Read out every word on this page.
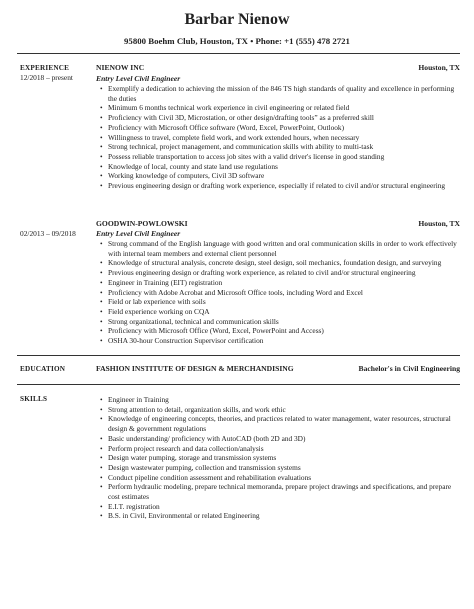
Barbar Nienow
95800 Boehm Club, Houston, TX • Phone: +1 (555) 478 2721
EXPERIENCE
12/2018 – present
NIENOW INC	Houston, TX
Entry Level Civil Engineer
• Exemplify a dedication to achieving the mission of the 846 TS high standards of quality and excellence in performing the duties
• Minimum 6 months technical work experience in civil engineering or related field
• Proficiency with Civil 3D, Microstation, or other design/drafting tools” as a preferred skill
• Proficiency with Microsoft Office software (Word, Excel, PowerPoint, Outlook)
• Willingness to travel, complete field work, and work extended hours, when necessary
• Strong technical, project management, and communication skills with ability to multi-task
• Possess reliable transportation to access job sites with a valid driver's license in good standing
• Knowledge of local, county and state land use regulations
• Working knowledge of computers, Civil 3D software
• Previous engineering design or drafting work experience, especially if related to civil and/or structural engineering
02/2013 – 09/2018
GOODWIN-POWLOWSKI	Houston, TX
Entry Level Civil Engineer
• Strong command of the English language with good written and oral communication skills in order to work effectively with internal team members and external client personnel
• Knowledge of structural analysis, concrete design, steel design, soil mechanics, foundation design, and surveying
• Previous engineering design or drafting work experience, as related to civil and/or structural engineering
• Engineer in Training (EIT) registration
• Proficiency with Adobe Acrobat and Microsoft Office tools, including Word and Excel
• Field or lab experience with soils
• Field experience working on CQA
• Strong organizational, technical and communication skills
• Proficiency with Microsoft Office (Word, Excel, PowerPoint and Access)
• OSHA 30-hour Construction Supervisor certification
EDUCATION	FASHION INSTITUTE OF DESIGN & MERCHANDISING	Bachelor's in Civil Engineering
SKILLS
•	Engineer in Training
• Strong attention to detail, organization skills, and work ethic
• Knowledge of engineering concepts, theories, and practices related to water management, water resources, structural design & government regulations
• Basic understanding/ proficiency with AutoCAD (both 2D and 3D)
• Perform project research and data collection/analysis
• Design water pumping, storage and transmission systems
• Design wastewater pumping, collection and transmission systems
• Conduct pipeline condition assessment and rehabilitation evaluations
• Perform hydraulic modeling, prepare technical memoranda, prepare project drawings and specifications, and prepare cost estimates
• E.I.T. registration
• B.S. in Civil, Environmental or related Engineering
